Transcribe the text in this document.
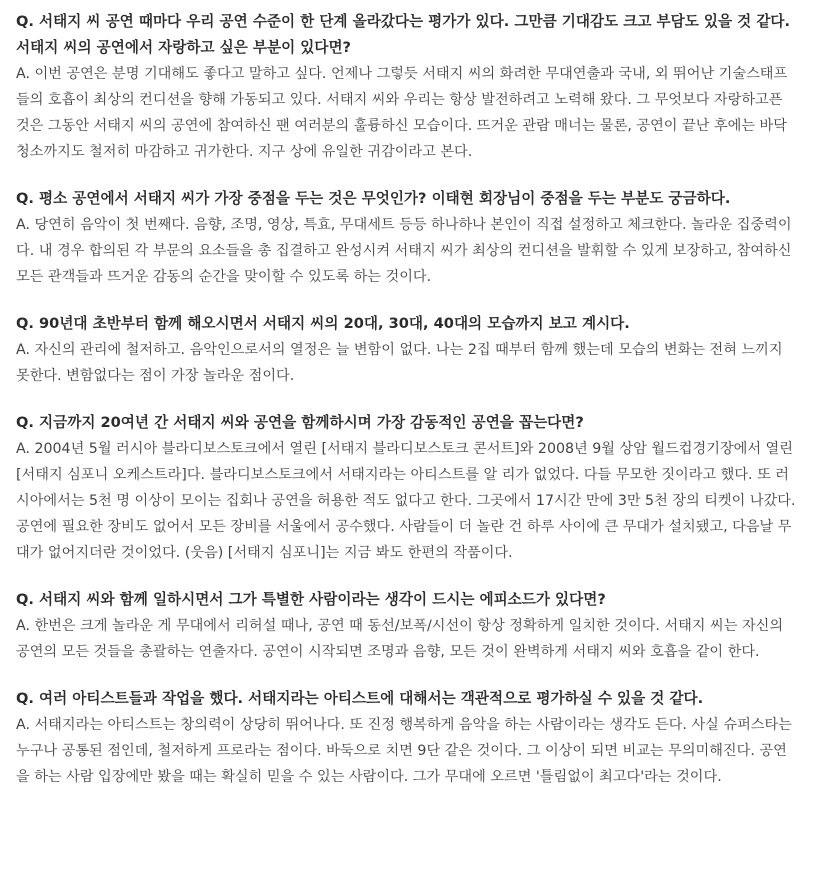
Q. 서태지 씨 공연 때마다 우리 공연 수준이 한 단계 올라갔다는 평가가 있다. 그만큼 기대감도 크고 부담도 있을 것 같다. 서태지 씨의 공연에서 자랑하고 싶은 부분이 있다면?

A. 이번 공연은 분명 기대해도 좋다고 말하고 싶다. 언제나 그렇듯 서태지 씨의 화려한 무대연출과 국내, 외 뛰어난 기술스태프들의 호흡이 최상의 컨디션을 향해 가동되고 있다. 서태지 씨와 우리는 항상 발전하려고 노력해 왔다. 그 무엇보다 자랑하고픈 것은 그동안 서태지 씨의 공연에 참여하신 팬 여러분의 훌륭하신 모습이다. 뜨거운 관람 매너는 물론, 공연이 끝난 후에는 바닥 청소까지도 철저히 마감하고 귀가한다. 지구 상에 유일한 귀감이라고 본다.

Q. 평소 공연에서 서태지 씨가 가장 중점을 두는 것은 무엇인가? 이태현 회장님이 중점을 두는 부분도 궁금하다.

A. 당연히 음악이 첫 번째다. 음향, 조명, 영상, 특효, 무대세트 등등 하나하나 본인이 직접 설정하고 체크한다. 놀라운 집중력이다. 내 경우 합의된 각 부문의 요소들을 총 집결하고 완성시켜 서태지 씨가 최상의 컨디션을 발휘할 수 있게 보장하고, 참여하신 모든 관객들과 뜨거운 감동의 순간을 맞이할 수 있도록 하는 것이다.

Q. 90년대 초반부터 함께 해오시면서 서태지 씨의 20대, 30대, 40대의 모습까지 보고 계시다.

A. 자신의 관리에 철저하고. 음악인으로서의 열정은 늘 변함이 없다. 나는 2집 때부터 함께 했는데 모습의 변화는 전혀 느끼지 못한다. 변함없다는 점이 가장 놀라운 점이다.

Q. 지금까지 20여년 간 서태지 씨와 공연을 함께하시며 가장 감동적인 공연을 꼽는다면?

A. 2004년 5월 러시아 블라디보스토크에서 열린 [서태지 블라디보스토크 콘서트]와 2008년 9월 상암 월드컵경기장에서 열린 [서태지 심포니 오케스트라]다. 블라디보스토크에서 서태지라는 아티스트를 알 리가 없었다. 다들 무모한 짓이라고 했다. 또 러시아에서는 5천 명 이상이 모이는 집회나 공연을 허용한 적도 없다고 한다. 그곳에서 17시간 만에 3만 5천 장의 티켓이 나갔다. 공연에 필요한 장비도 없어서 모든 장비를 서울에서 공수했다. 사람들이 더 놀란 건 하루 사이에 큰 무대가 설치됐고, 다음날 무대가 없어지더란 것이었다. (웃음) [서태지 심포니]는 지금 봐도 한편의 작품이다.

Q. 서태지 씨와 함께 일하시면서 그가 특별한 사람이라는 생각이 드시는 에피소드가 있다면?

A. 한번은 크게 놀라운 게 무대에서 리허설 때나, 공연 때 동선/보폭/시선이 항상 정확하게 일치한 것이다. 서태지 씨는 자신의 공연의 모든 것들을 총괄하는 연출자다. 공연이 시작되면 조명과 음향, 모든 것이 완벽하게 서태지 씨와 호흡을 같이 한다.

Q. 여러 아티스트들과 작업을 했다. 서태지라는 아티스트에 대해서는 객관적으로 평가하실 수 있을 것 같다.

A. 서태지라는 아티스트는 창의력이 상당히 뛰어나다. 또 진정 행복하게 음악을 하는 사람이라는 생각도 든다. 사실 슈퍼스타는 누구나 공통된 점인데, 철저하게 프로라는 점이다. 바둑으로 치면 9단 같은 것이다. 그 이상이 되면 비교는 무의미해진다. 공연을 하는 사람 입장에만 봤을 때는 확실히 믿을 수 있는 사람이다. 그가 무대에 오르면 '틀림없이 최고다'라는 것이다.
